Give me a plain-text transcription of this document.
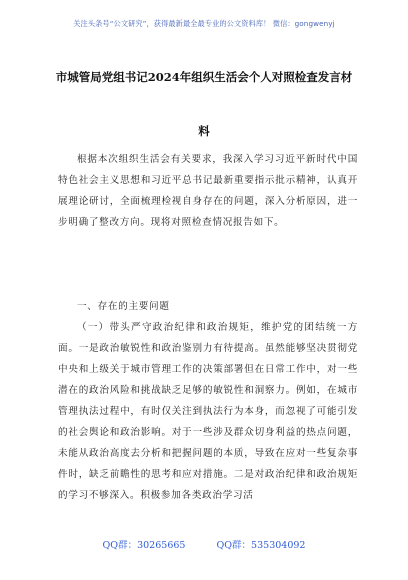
关注头条号“公文研究”，获得最新最全最专业的公文资料库！ 微信：gongwenyj
市城管局党组书记2024年组织生活会个人对照检查发言材
料

根据本次组织生活会有关要求，我深入学习习近平新时代中国特色社会主义思想和习近平总书记最新重要指示批示精神，认真开展理论研讨，全面梳理检视自身存在的问题，深入分析原因，进一步明确了整改方向。现将对照检查情况报告如下。

一、存在的主要问题

（一）带头严守政治纪律和政治规矩，维护党的团结统一方面。一是政治敏锐性和政治鉴别力有待提高。虽然能够坚决贯彻党中央和上级关于城市管理工作的决策部署但在日常工作中，对一些潜在的政治风险和挑战缺乏足够的敏锐性和洞察力。例如，在城市管理执法过程中，有时仅关注到执法行为本身，而忽视了可能引发的社会舆论和政治影响。对于一些涉及群众切身利益的热点问题，未能从政治高度去分析和把握问题的本质，导致在应对一些复杂事件时，缺乏前瞻性的思考和应对措施。二是对政治纪律和政治规矩的学习不够深入。积极参加各类政治学习活

QQ群：30265665	QQ群：535304092
